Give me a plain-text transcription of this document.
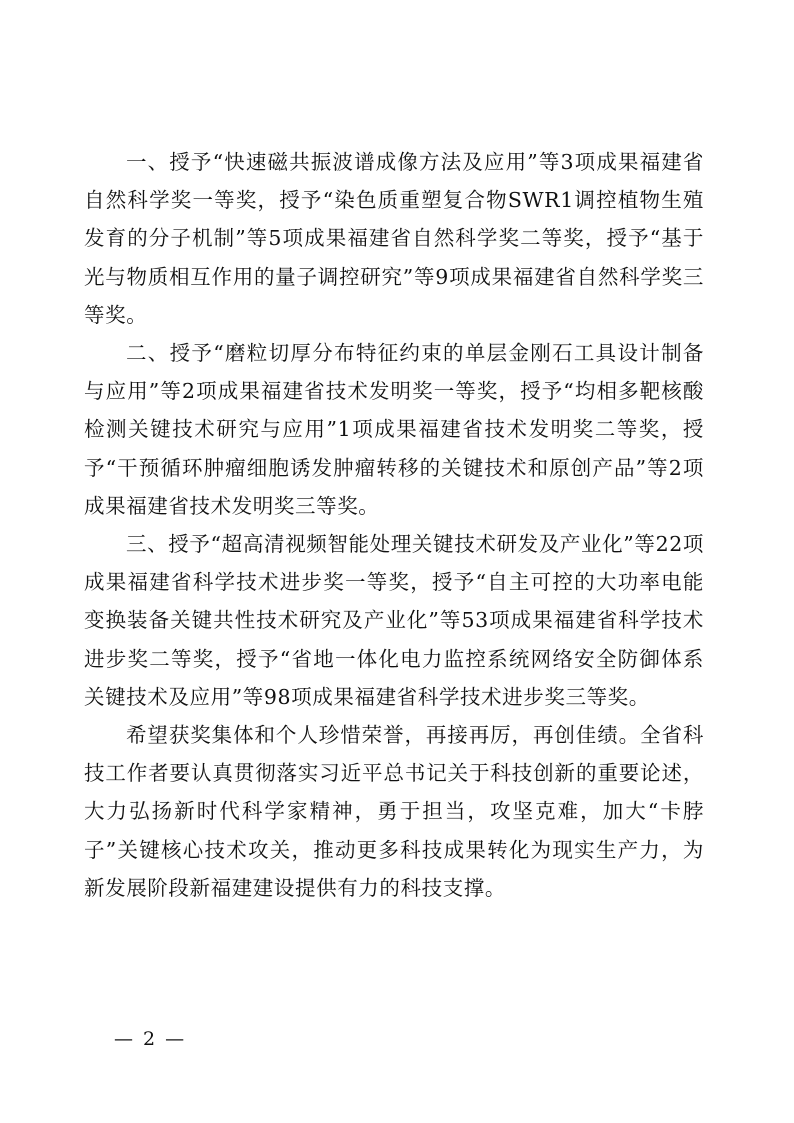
一、授予“快速磁共振波谱成像方法及应用”等3项成果福建省自然科学奖一等奖，授予“染色质重塑复合物SWR1调控植物生殖发育的分子机制”等5项成果福建省自然科学奖二等奖，授予“基于光与物质相互作用的量子调控研究”等9项成果福建省自然科学奖三等奖。

二、授予“磨粒切厚分布特征约束的单层金刚石工具设计制备与应用”等2项成果福建省技术发明奖一等奖，授予“均相多靶核酸检测关键技术研究与应用”1项成果福建省技术发明奖二等奖，授予“干预循环肿瘤细胞诱发肿瘤转移的关键技术和原创产品”等2项成果福建省技术发明奖三等奖。

三、授予“超高清视频智能处理关键技术研发及产业化”等22项成果福建省科学技术进步奖一等奖，授予“自主可控的大功率电能变换装备关键共性技术研究及产业化”等53项成果福建省科学技术进步奖二等奖，授予“省地一体化电力监控系统网络安全防御体系关键技术及应用”等98项成果福建省科学技术进步奖三等奖。

希望获奖集体和个人珍惜荣誉，再接再厉，再创佳绩。全省科技工作者要认真贯彻落实习近平总书记关于科技创新的重要论述，大力弘扬新时代科学家精神，勇于担当，攻坚克难，加大“卡脖子”关键核心技术攻关，推动更多科技成果转化为现实生产力，为新发展阶段新福建建设提供有力的科技支撑。

— 2 —
